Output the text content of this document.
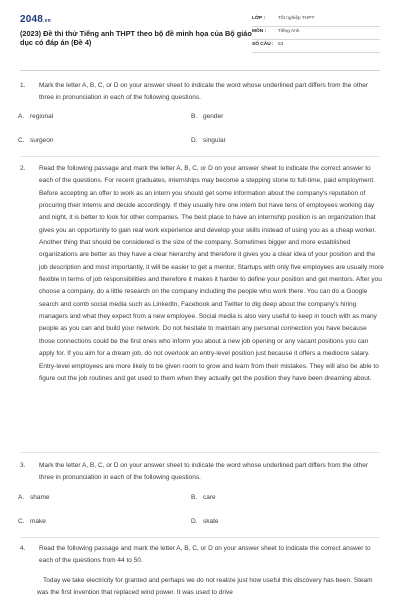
2048.vn
(2023) Đề thi thử Tiếng anh THPT theo bộ đề minh họa của Bộ giáo dục có đáp án (Đề 4)
LỚP :	Tốt nghiệp THPT
MÔN :	Tiếng Anh
SỐ CÂU : 53
1. Mark the letter A, B, C, or D on your answer sheet to indicate the word whose underlined part differs from the other three in pronunciation in each of the following questions.
A. regional	B. gender
C. surgeon	D. singular
2. Read the following passage and mark the letter A, B, C, or D on your answer sheet to indicate the correct answer to each of the questions. For recent graduates, internships may become a stepping stone to full-time, paid employment. Before accepting an offer to work as an intern you should get some information about the company's reputation of procuring their interns and decide accordingly. If they usually hire one intern but have tens of employees working day and night, it is better to look for other companies. The best place to have an internship position is an organization that gives you an opportunity to gain real work experience and develop your skills instead of using you as a cheap worker. Another thing that should be considered is the size of the company. Sometimes bigger and more established organizations are better as they have a clear hierarchy and therefore it gives you a clear idea of your position and the job description and most importantly, it will be easier to get a mentor. Startups with only five employees are usually more flexible in terms of job responsibilities and therefore it makes it harder to define your position and get mentors. After you choose a company, do a little research on the company including the people who work there. You can do a Google search and comb social media such as LinkedIn, Facebook and Twitter to dig deep about the company's hiring managers and what they expect from a new employee. Social media is also very useful to keep in touch with as many people as you can and build your network. Do not hesitate to maintain any personal connection you have because those connections could be the first ones who inform you about a new job opening or any vacant positions you can apply for. If you aim for a dream job, do not overlook an entry-level position just because it offers a mediocre salary. Entry-level employees are more likely to be given room to grow and learn from their mistakes. They will also be able to figure out the job routines and get used to them when they actually get the position they have been dreaming about.
3. Mark the letter A, B, C, or D on your answer sheet to indicate the word whose underlined part differs from the other three in pronunciation in each of the following questions.
A. shame	B. care
C. make	D. skate
4. Read the following passage and mark the letter A, B, C, or D on your answer sheet to indicate the correct answer to each of the questions from 44 to 50.
Today we take electricity for granted and perhaps we do not realize just how useful this discovery has been. Steam was the first invention that replaced wind power. It was used to drive
